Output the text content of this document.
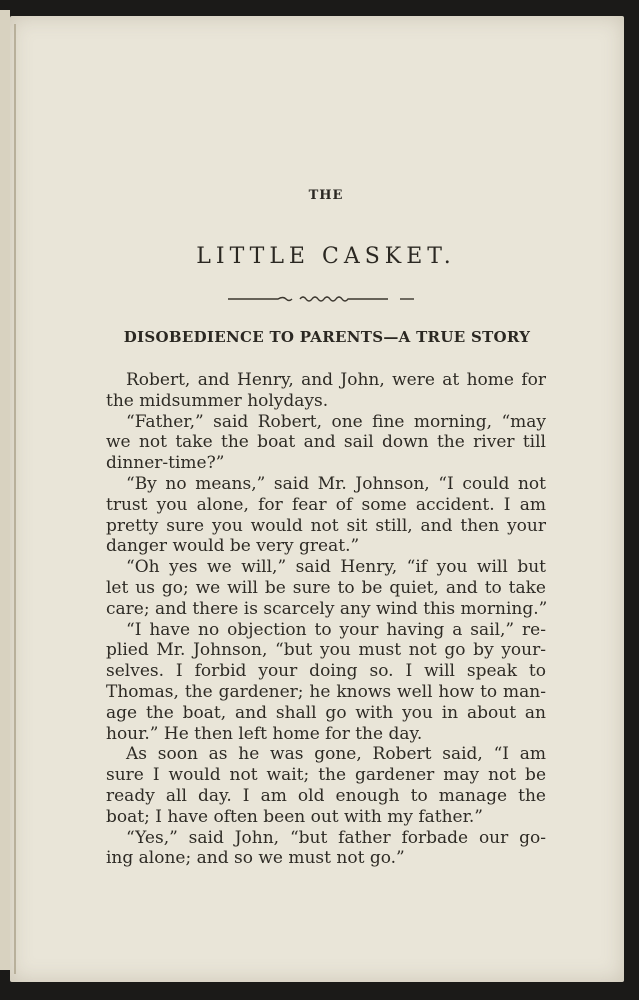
THE
LITTLE CASKET.
DISOBEDIENCE TO PARENTS—A TRUE STORY
Robert, and Henry, and John, were at home for
the midsummer holydays.
“Father,” said Robert, one fine morning, “may
we not take the boat and sail down the river till
dinner-time?”
“By no means,” said Mr. Johnson, “I could not
trust you alone, for fear of some accident. I am
pretty sure you would not sit still, and then your
danger would be very great.”
“Oh yes we will,” said Henry, “if you will but
let us go; we will be sure to be quiet, and to take
care; and there is scarcely any wind this morning.”
“I have no objection to your having a sail,” re-
plied Mr. Johnson, “but you must not go by your-
selves. I forbid your doing so. I will speak to
Thomas, the gardener; he knows well how to man-
age the boat, and shall go with you in about an
hour.” He then left home for the day.
As soon as he was gone, Robert said, “I am
sure I would not wait; the gardener may not be
ready all day. I am old enough to manage the
boat; I have often been out with my father.”
“Yes,” said John, “but father forbade our go-
ing alone; and so we must not go.”
